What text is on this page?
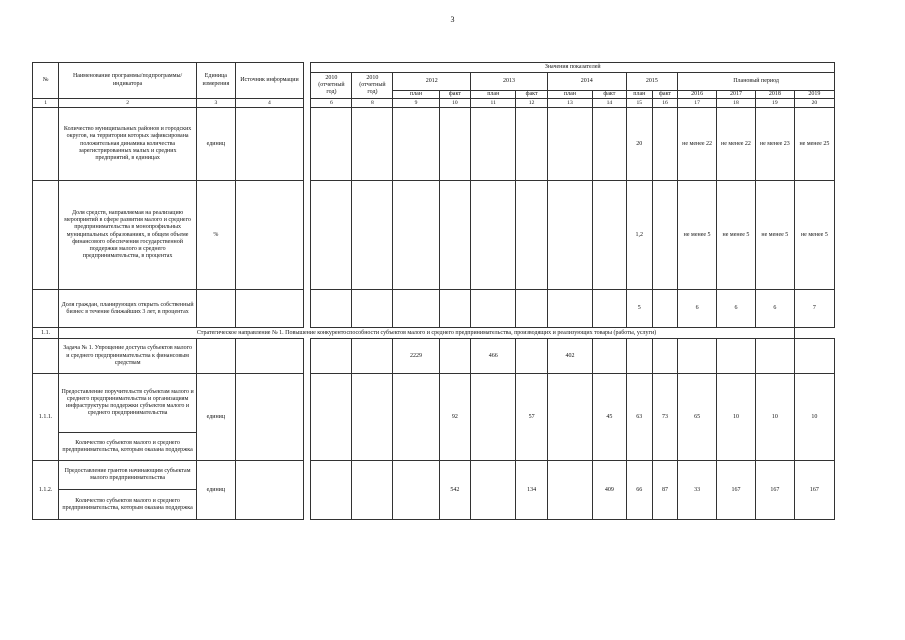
3
№	Наименование программы/подпрограммы/индикатора	Единица измерения	Источник информации		Значения показателей													
					2010 (отчетный год)	2010 (отчетный год)	2012		2013		2014		2015		Плановый период			
							план	факт	план	факт	план	факт	план	факт	2016	2017	2018	2019
1	2	3	4		6	8	9	10	11	12	13	14	15	16	17	18	19	20
	Количество муниципальных районов и городских округов, на территории которых зафиксирована положительная динамика количества зарегистрированных малых и средних предприятий, в единицах	единиц											20		не менее 22	не менее 22	не менее 23	не менее 25
	Доля средств, направляемая на реализацию мероприятий в сфере развития малого и среднего предпринимательства в монопрофильных муниципальных образованиях, в общем объеме финансового обеспечения государственной поддержки малого и среднего предпринимательства, в процентах	%											1,2		не менее 5	не менее 5	не менее 5	не менее 5
	Доля граждан, планирующих открыть собственный бизнес в течение ближайших 3 лет, в процентах												5		6	6	6	7
1.1.	Стратегическое направление № 1. Повышение конкурентоспособности субъектов малого и среднего предпринимательства, производящих и реализующих товары (работы, услуги)																	
	Задача № 1. Упрощение доступа субъектов малого и среднего предпринимательства к финансовым средствам						2229		466		402							
1.1.1.	Предоставление поручительств субъектам малого и среднего предпринимательства и организациям инфраструктуры поддержки субъектов малого и среднего предпринимательства	единиц						92		57		45	63	73	65	10	10	10
	Количество субъектов малого и среднего предпринимательства, которым оказана поддержка																	
1.1.2.	Предоставление грантов начинающим субъектам малого предпринимательства	единиц						542		134		409	66	87	33	167	167	167
	Количество субъектов малого и среднего предпринимательства, которым оказана поддержка																	
